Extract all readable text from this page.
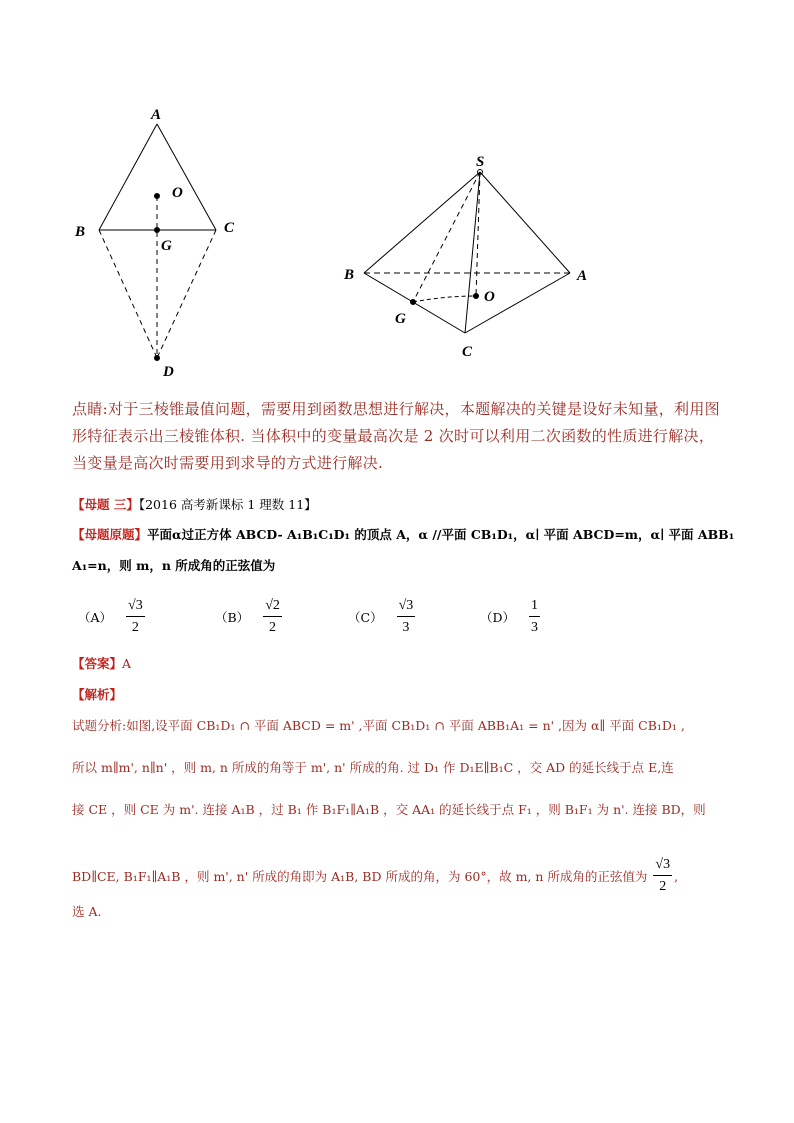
A
O
B	C
G
D
S
B	A
O
G
C
点睛:对于三棱锥最值问题，需要用到函数思想进行解决，本题解决的关键是设好未知量，利用图形特征表示出三棱锥体积. 当体积中的变量最高次是 2 次时可以利用二次函数的性质进行解决，当变量是高次时需要用到求导的方式进行解决.
【母题 三】【2016 高考新课标 1 理数 11】
【母题原题】平面α过正方体 ABCD- A₁B₁C₁D₁ 的顶点 A，α //平面 CB₁D₁，α∣ 平面 ABCD=m，α∣ 平面 ABB₁
A₁=n，则 m，n 所成角的正弦值为
$(A) \frac{√3}{2}$	$(B) \frac{√2}{2}$	$(C) \frac{√3}{3}$	$(D) \frac{1}{3}$
【答案】A
【解析】
试题分析:如图,设平面 CB₁D₁ ∩ 平面 ABCD = m' ,平面 CB₁D₁ ∩ 平面 ABB₁A₁ = n' ,因为 α∥ 平面 CB₁D₁ ,
所以 m∥m', n∥n' ，则 m, n 所成的角等于 m', n' 所成的角. 过 D₁ 作 D₁E∥B₁C ，交 AD 的延长线于点 E,连
接 CE ，则 CE 为 m'. 连接 A₁B ，过 B₁ 作 B₁F₁∥A₁B ，交 AA₁ 的延长线于点 F₁ ，则 B₁F₁ 为 n'. 连接 BD，则
BD∥CE, B₁F₁∥A₁B ，则 m', n' 所成的角即为 A₁B, BD 所成的角，为 60°，故 m, n 所成角的正弦值为 $\frac{√3}{2}$ ,
选 A.
